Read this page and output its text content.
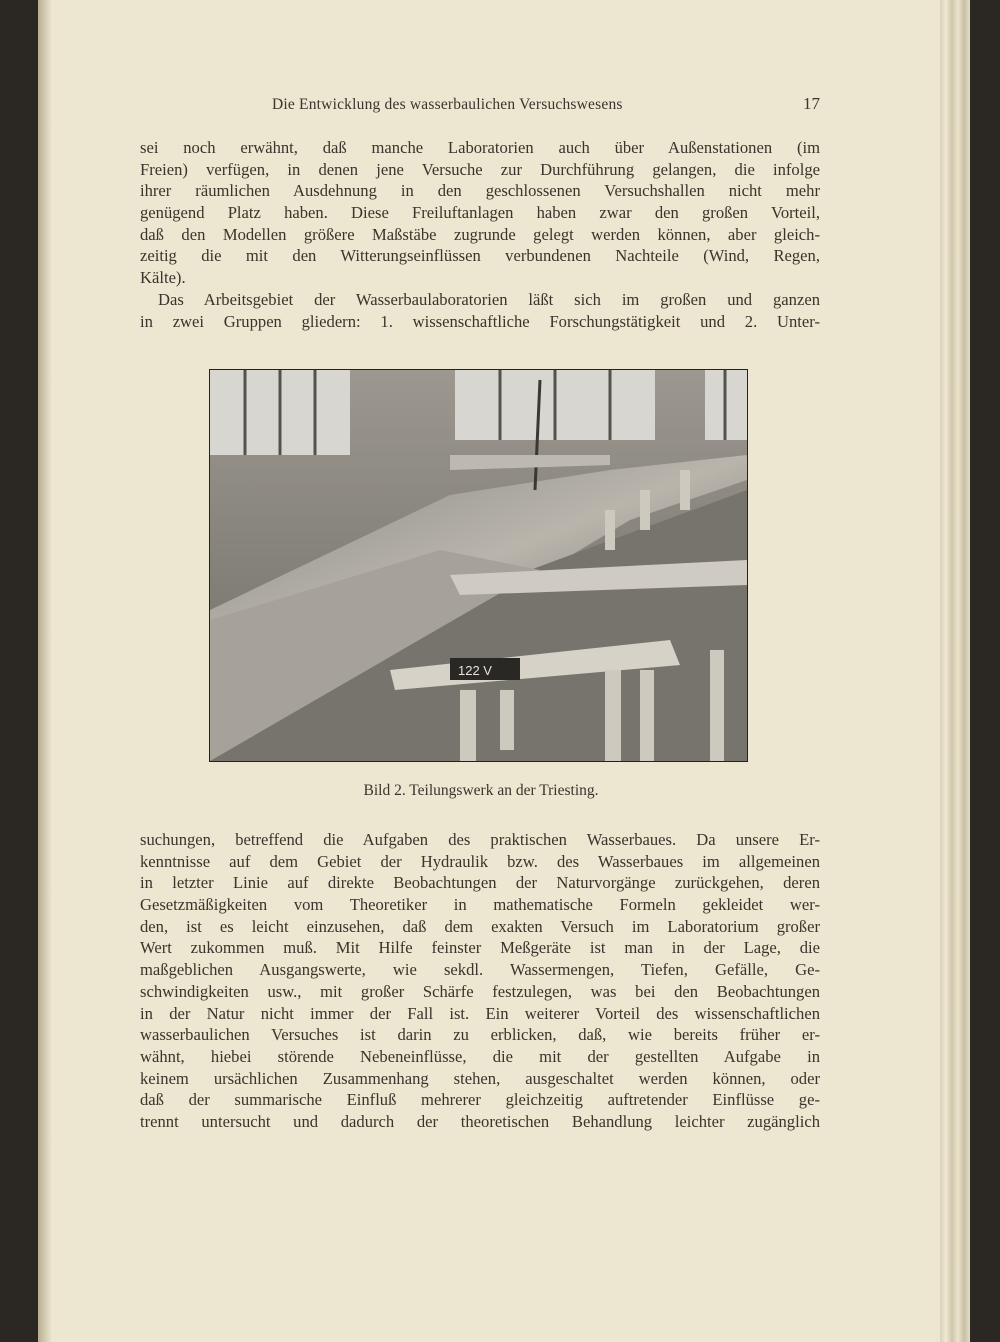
Die Entwicklung des wasserbaulichen Versuchswesens	17
sei noch erwähnt, daß manche Laboratorien auch über Außenstationen (im
Freien) verfügen, in denen jene Versuche zur Durchführung gelangen, die infolge
ihrer räumlichen Ausdehnung in den geschlossenen Versuchshallen nicht mehr
genügend Platz haben. Diese Freiluftanlagen haben zwar den großen Vorteil,
daß den Modellen größere Maßstäbe zugrunde gelegt werden können, aber gleich-
zeitig die mit den Witterungseinflüssen verbundenen Nachteile (Wind, Regen,
Kälte).
Das Arbeitsgebiet der Wasserbaulaboratorien läßt sich im großen und ganzen
in zwei Gruppen gliedern: 1. wissenschaftliche Forschungstätigkeit und 2. Unter-
122 V
Bild 2. Teilungswerk an der Triesting.
suchungen, betreffend die Aufgaben des praktischen Wasserbaues. Da unsere Er-
kenntnisse auf dem Gebiet der Hydraulik bzw. des Wasserbaues im allgemeinen
in letzter Linie auf direkte Beobachtungen der Naturvorgänge zurückgehen, deren
Gesetzmäßigkeiten vom Theoretiker in mathematische Formeln gekleidet wer-
den, ist es leicht einzusehen, daß dem exakten Versuch im Laboratorium großer
Wert zukommen muß. Mit Hilfe feinster Meßgeräte ist man in der Lage, die
maßgeblichen Ausgangswerte, wie sekdl. Wassermengen, Tiefen, Gefälle, Ge-
schwindigkeiten usw., mit großer Schärfe festzulegen, was bei den Beobachtungen
in der Natur nicht immer der Fall ist. Ein weiterer Vorteil des wissenschaftlichen
wasserbaulichen Versuches ist darin zu erblicken, daß, wie bereits früher er-
wähnt, hiebei störende Nebeneinflüsse, die mit der gestellten Aufgabe in
keinem ursächlichen Zusammenhang stehen, ausgeschaltet werden können, oder
daß der summarische Einfluß mehrerer gleichzeitig auftretender Einflüsse ge-
trennt untersucht und dadurch der theoretischen Behandlung leichter zugänglich
